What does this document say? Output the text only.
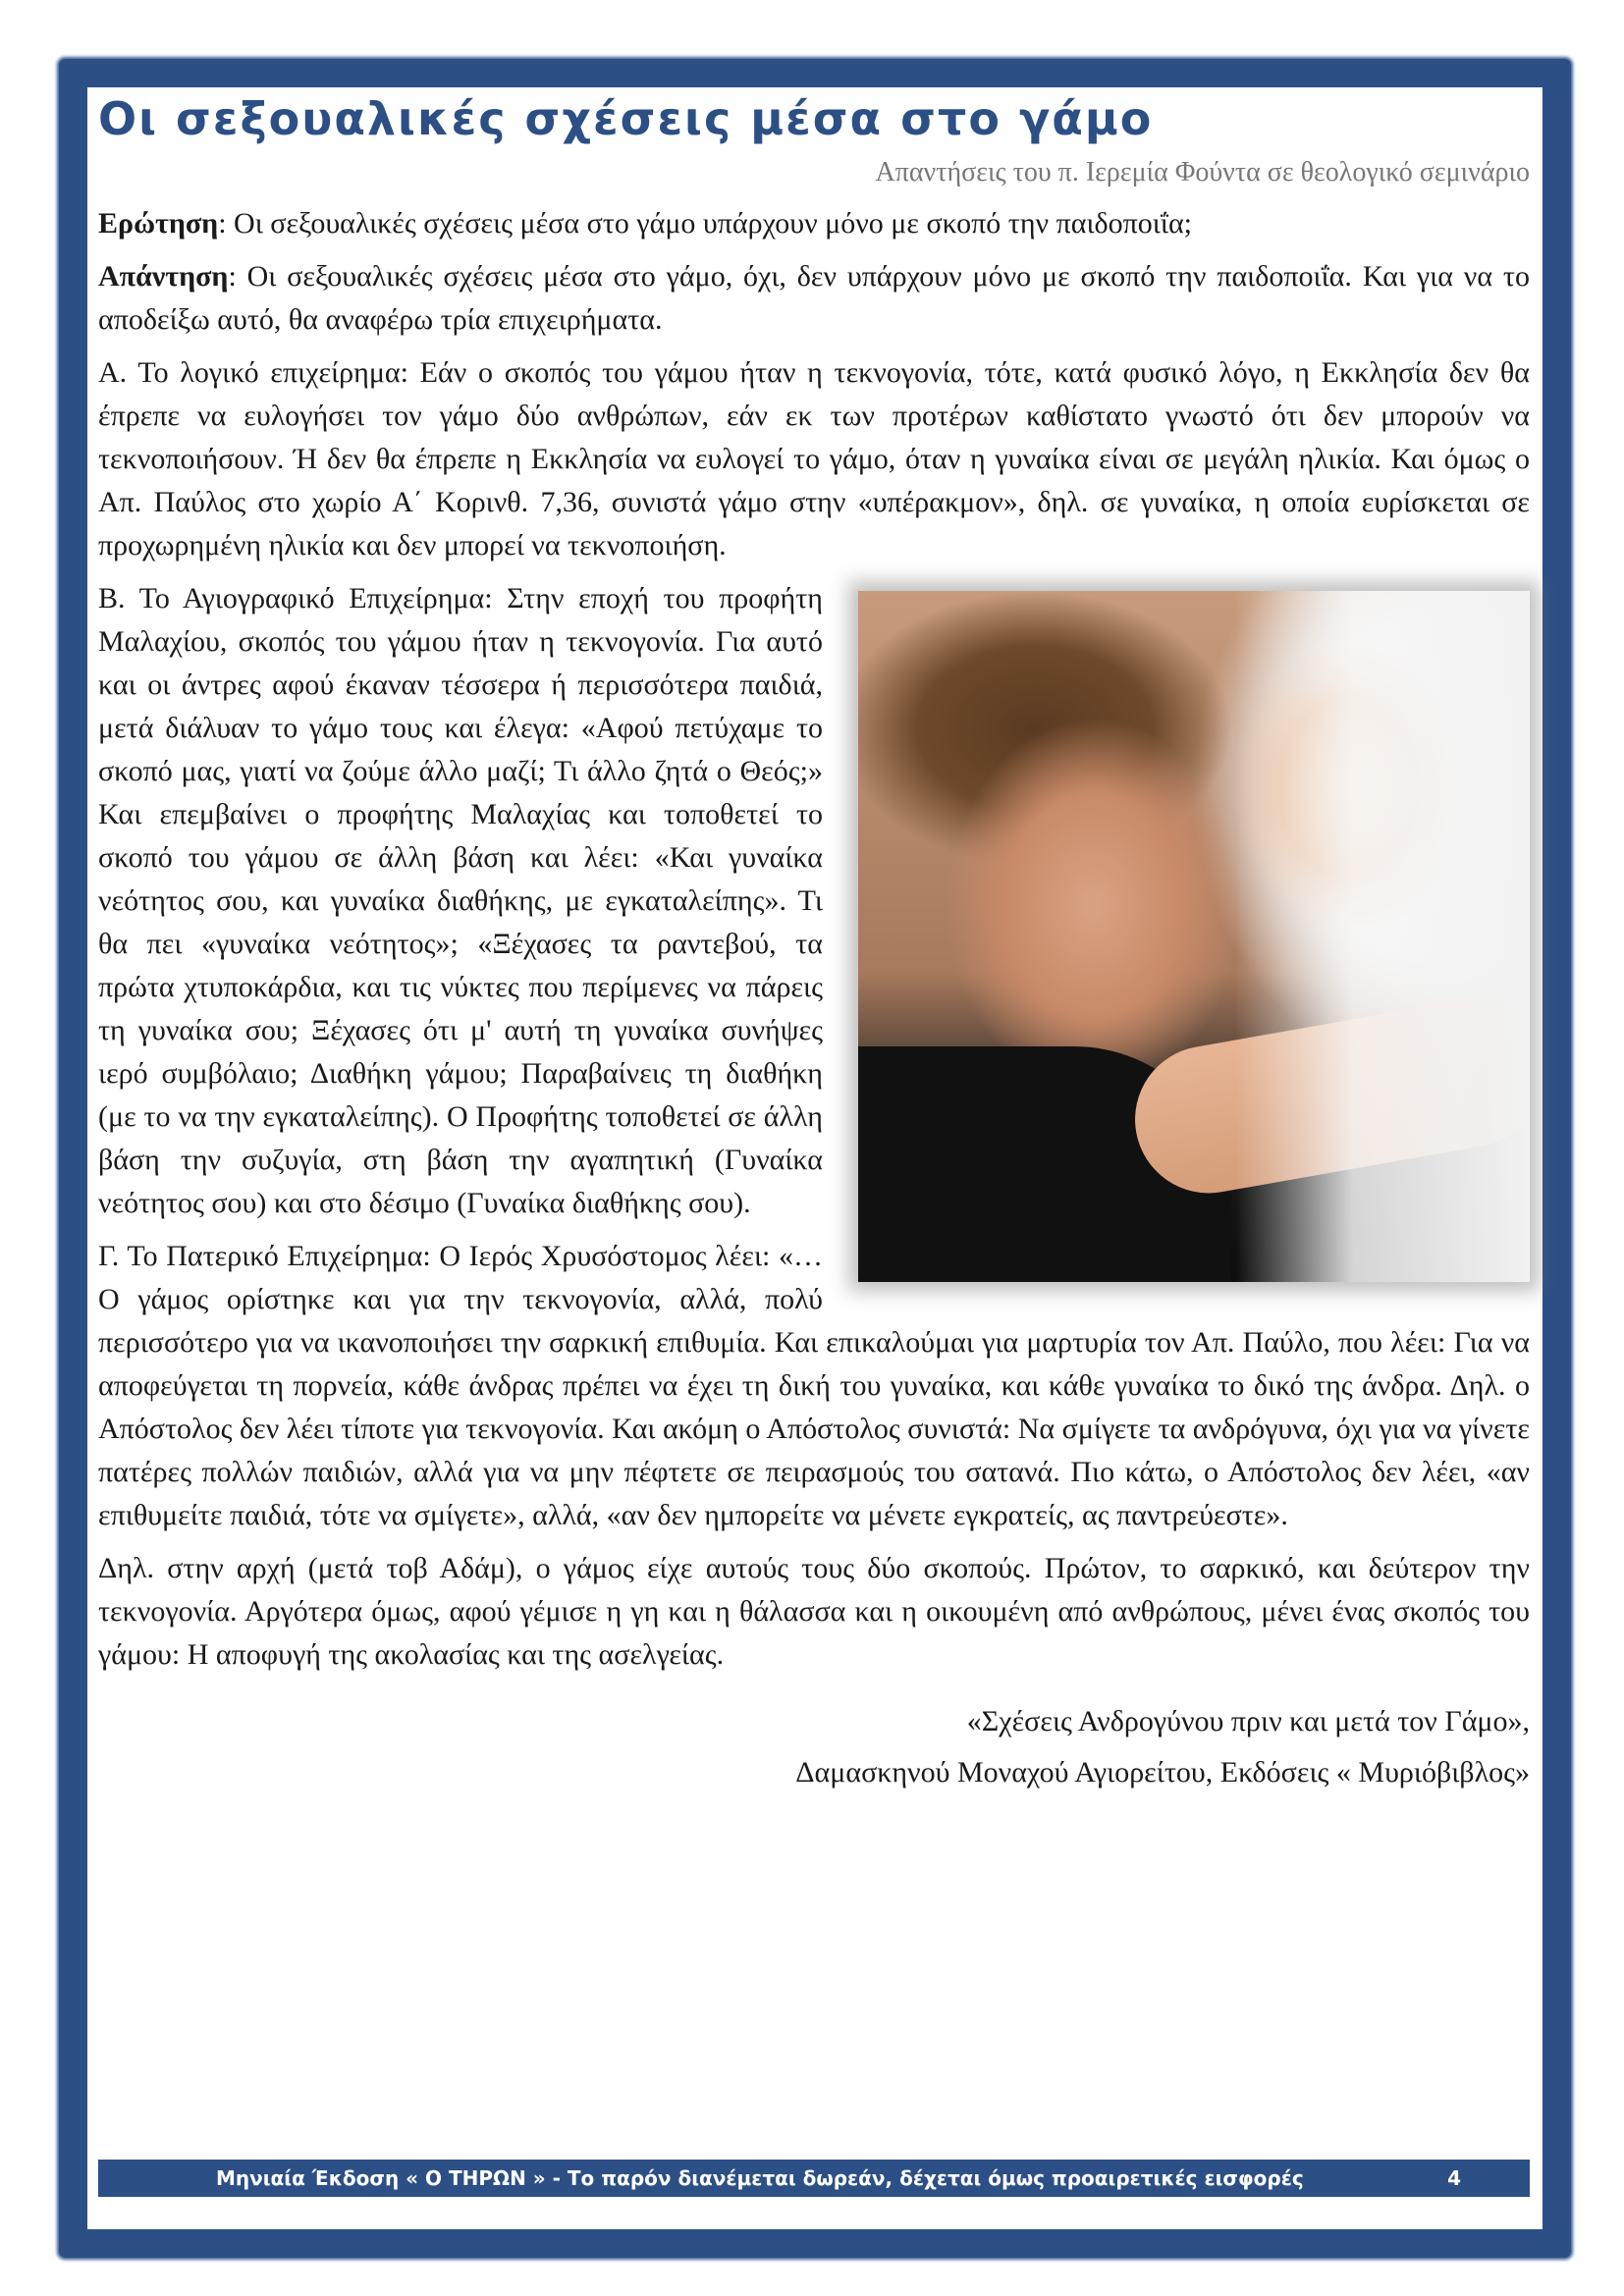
Οι σεξουαλικές σχέσεις μέσα στο γάμο
Απαντήσεις του π. Ιερεμία Φούντα σε θεολογικό σεμινάριο

Ερώτηση: Οι σεξουαλικές σχέσεις μέσα στο γάμο υπάρχουν μόνο με σκοπό την παιδοποιΐα;

Απάντηση: Οι σεξουαλικές σχέσεις μέσα στο γάμο, όχι, δεν υπάρχουν μόνο με σκοπό την παιδοποιΐα. Και για να το αποδείξω αυτό, θα αναφέρω τρία επιχειρήματα.

Α. Το λογικό επιχείρημα: Εάν ο σκοπός του γάμου ήταν η τεκνογονία, τότε, κατά φυσικό λόγο, η Εκκλησία δεν θα έπρεπε να ευλογήσει τον γάμο δύο ανθρώπων, εάν εκ των προτέρων καθίστατο γνωστό ότι δεν μπορούν να τεκνοποιήσουν. Ή δεν θα έπρεπε η Εκκλησία να ευλογεί το γάμο, όταν η γυναίκα είναι σε μεγάλη ηλικία. Και όμως ο Απ. Παύλος στο χωρίο Α΄ Κορινθ. 7,36, συνιστά γάμο στην «υπέρακμον», δηλ. σε γυναίκα, η οποία ευρίσκεται σε προχωρημένη ηλικία και δεν μπορεί να τεκνοποιήση.

Β. Το Αγιογραφικό Επιχείρημα: Στην εποχή του προφήτη Μαλαχίου, σκοπός του γάμου ήταν η τεκνογονία. Για αυτό και οι άντρες αφού έκαναν τέσσερα ή περισσότερα παιδιά, μετά διάλυαν το γάμο τους και έλεγα: «Αφού πετύχαμε το σκοπό μας, γιατί να ζούμε άλλο μαζί; Τι άλλο ζητά ο Θεός;» Και επεμβαίνει ο προφήτης Μαλαχίας και τοποθετεί το σκοπό του γάμου σε άλλη βάση και λέει: «Και γυναίκα νεότητος σου, και γυναίκα διαθήκης, με εγκαταλείπης». Τι θα πει «γυναίκα νεότητος»; «Ξέχασες τα ραντεβού, τα πρώτα χτυποκάρδια, και τις νύκτες που περίμενες να πάρεις τη γυναίκα σου; Ξέχασες ότι μ' αυτή τη γυναίκα συνήψες ιερό συμβόλαιο; Διαθήκη γάμου; Παραβαίνεις τη διαθήκη (με το να την εγκαταλείπης). Ο Προφήτης τοποθετεί σε άλλη βάση την συζυγία, στη βάση την αγαπητική (Γυναίκα νεότητος σου) και στο δέσιμο (Γυναίκα διαθήκης σου).

Γ. Το Πατερικό Επιχείρημα: Ο Ιερός Χρυσόστομος λέει: «… Ο γάμος ορίστηκε και για την τεκνογονία, αλλά, πολύ περισσότερο για να ικανοποιήσει την σαρκική επιθυμία. Και επικαλούμαι για μαρτυρία τον Απ. Παύλο, που λέει: Για να αποφεύγεται τη πορνεία, κάθε άνδρας πρέπει να έχει τη δική του γυναίκα, και κάθε γυναίκα το δικό της άνδρα. Δηλ. ο Απόστολος δεν λέει τίποτε για τεκνογονία. Και ακόμη ο Απόστολος συνιστά: Να σμίγετε τα ανδρόγυνα, όχι για να γίνετε πατέρες πολλών παιδιών, αλλά για να μην πέφτετε σε πειρασμούς του σατανά. Πιο κάτω, ο Απόστολος δεν λέει, «αν επιθυμείτε παιδιά, τότε να σμίγετε», αλλά, «αν δεν ημπορείτε να μένετε εγκρατείς, ας παντρεύεστε».

Δηλ. στην αρχή (μετά τοβ Αδάμ), ο γάμος είχε αυτούς τους δύο σκοπούς. Πρώτον, το σαρκικό, και δεύτερον την τεκνογονία. Αργότερα όμως, αφού γέμισε η γη και η θάλασσα και η οικουμένη από ανθρώπους, μένει ένας σκοπός του γάμου: Η αποφυγή της ακολασίας και της ασελγείας.

«Σχέσεις Ανδρογύνου πριν και μετά τον Γάμο»,
Δαμασκηνού Μοναχού Αγιορείτου, Εκδόσεις « Μυριόβιβλος»
Μηνιαία Έκδοση « Ο ΤΗΡΩΝ » - Το παρόν διανέμεται δωρεάν, δέχεται όμως προαιρετικές εισφορές	4
